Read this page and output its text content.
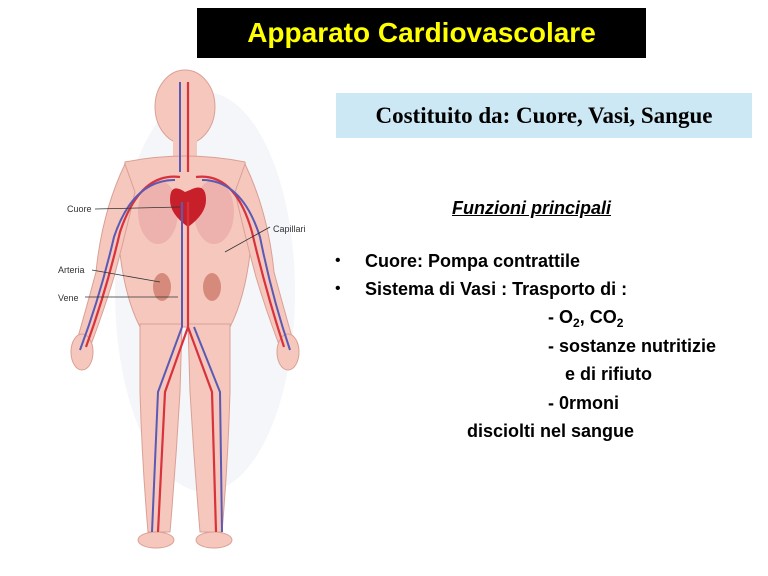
Apparato Cardiovascolare
Costituito da: Cuore, Vasi, Sangue
Cuore
Capillari
Arteria
Vene
Funzioni principali
• Cuore: Pompa contrattile
• Sistema di Vasi : Trasporto di :
- $O_2$, $CO_2$
- sostanze nutritizie
e di rifiuto
- 0rmoni
disciolti nel sangue
